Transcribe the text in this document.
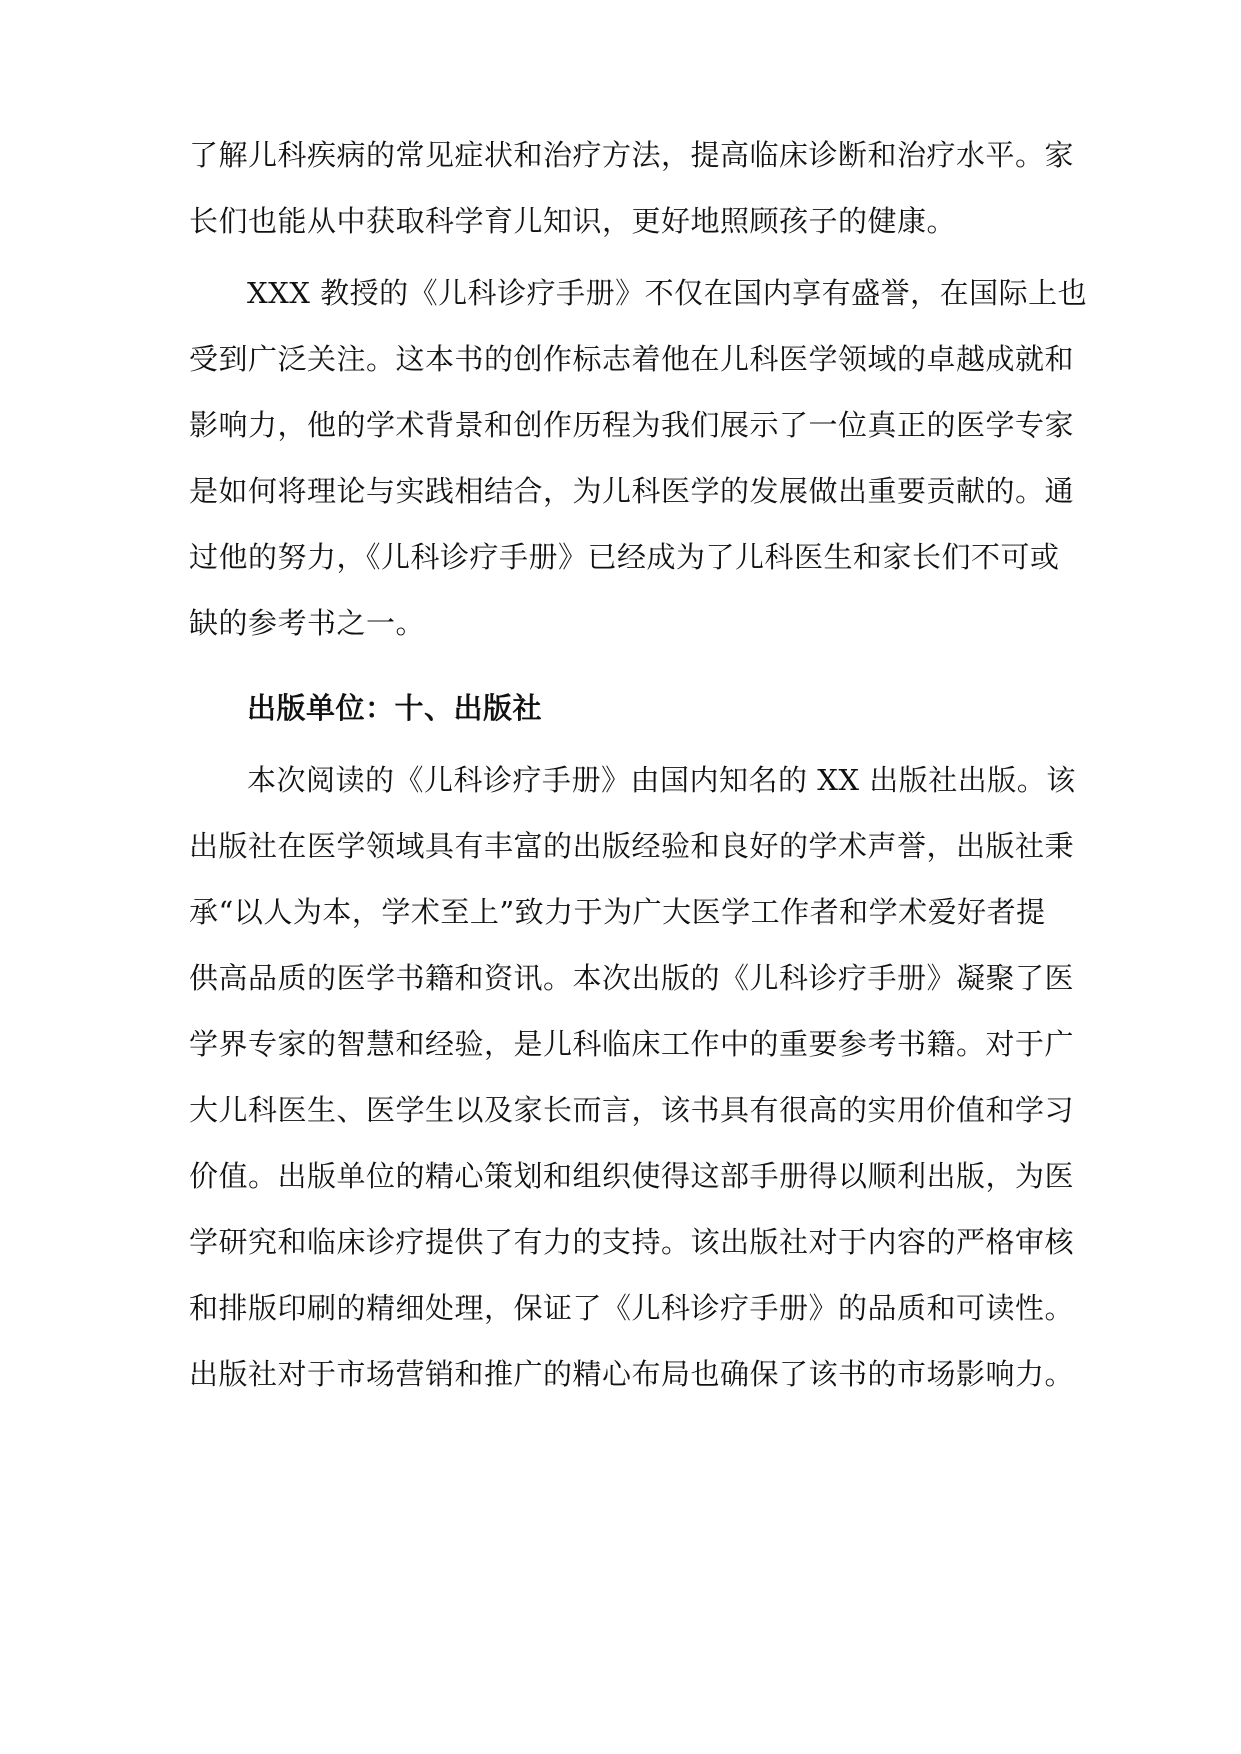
了解儿科疾病的常见症状和治疗方法，提高临床诊断和治疗水平。家
长们也能从中获取科学育儿知识，更好地照顾孩子的健康。
XXX 教授的《儿科诊疗手册》不仅在国内享有盛誉，在国际上也
受到广泛关注。这本书的创作标志着他在儿科医学领域的卓越成就和
影响力，他的学术背景和创作历程为我们展示了一位真正的医学专家
是如何将理论与实践相结合，为儿科医学的发展做出重要贡献的。通
过他的努力，《儿科诊疗手册》已经成为了儿科医生和家长们不可或
缺的参考书之一。
出版单位：十、出版社
本次阅读的《儿科诊疗手册》由国内知名的 XX 出版社出版。该
出版社在医学领域具有丰富的出版经验和良好的学术声誉，出版社秉
承“以人为本，学术至上”致力于为广大医学工作者和学术爱好者提
供高品质的医学书籍和资讯。本次出版的《儿科诊疗手册》凝聚了医
学界专家的智慧和经验，是儿科临床工作中的重要参考书籍。对于广
大儿科医生、医学生以及家长而言，该书具有很高的实用价值和学习
价值。出版单位的精心策划和组织使得这部手册得以顺利出版，为医
学研究和临床诊疗提供了有力的支持。该出版社对于内容的严格审核
和排版印刷的精细处理，保证了《儿科诊疗手册》的品质和可读性。
出版社对于市场营销和推广的精心布局也确保了该书的市场影响力。
